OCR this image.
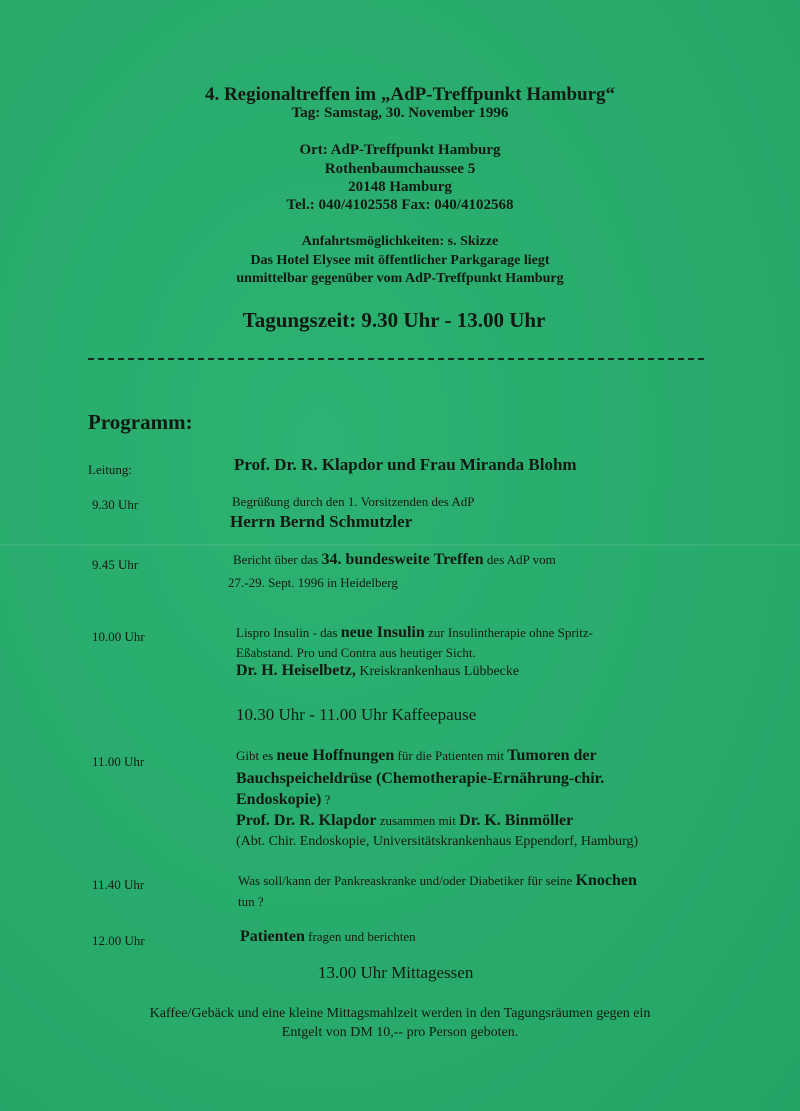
4. Regionaltreffen im „AdP-Treffpunkt Hamburg“
Tag: Samstag, 30. November 1996
Ort: AdP-Treffpunkt Hamburg
Rothenbaumchaussee 5
20148 Hamburg
Tel.: 040/4102558 Fax: 040/4102568
Anfahrtsmöglichkeiten: s. Skizze
Das Hotel Elysee mit öffentlicher Parkgarage liegt
unmittelbar gegenüber vom AdP-Treffpunkt Hamburg
Tagungszeit: 9.30 Uhr - 13.00 Uhr
Programm:
Leitung:	Prof. Dr. R. Klapdor und Frau Miranda Blohm
9.30 Uhr	Begrüßung durch den 1. Vorsitzenden des AdP
Herrn Bernd Schmutzler
9.45 Uhr	Bericht über das 34. bundesweite Treffen des AdP vom
27.-29. Sept. 1996 in Heidelberg
10.00 Uhr	Lispro Insulin - das neue Insulin zur Insulintherapie ohne Spritz-
Eßabstand. Pro und Contra aus heutiger Sicht.
Dr. H. Heiselbetz, Kreiskrankenhaus Lübbecke
10.30 Uhr - 11.00 Uhr Kaffeepause
11.00 Uhr	Gibt es neue Hoffnungen für die Patienten mit Tumoren der
Bauchspeicheldrüse (Chemotherapie-Ernährung-chir.
Endoskopie) ?
Prof. Dr. R. Klapdor zusammen mit Dr. K. Binmöller
(Abt. Chir. Endoskopie, Universitätskrankenhaus Eppendorf, Hamburg)
11.40 Uhr	Was soll/kann der Pankreaskranke und/oder Diabetiker für seine Knochen
tun ?
12.00 Uhr	Patienten fragen und berichten
13.00 Uhr Mittagessen
Kaffee/Gebäck und eine kleine Mittagsmahlzeit werden in den Tagungsräumen gegen ein
Entgelt von DM 10,-- pro Person geboten.
